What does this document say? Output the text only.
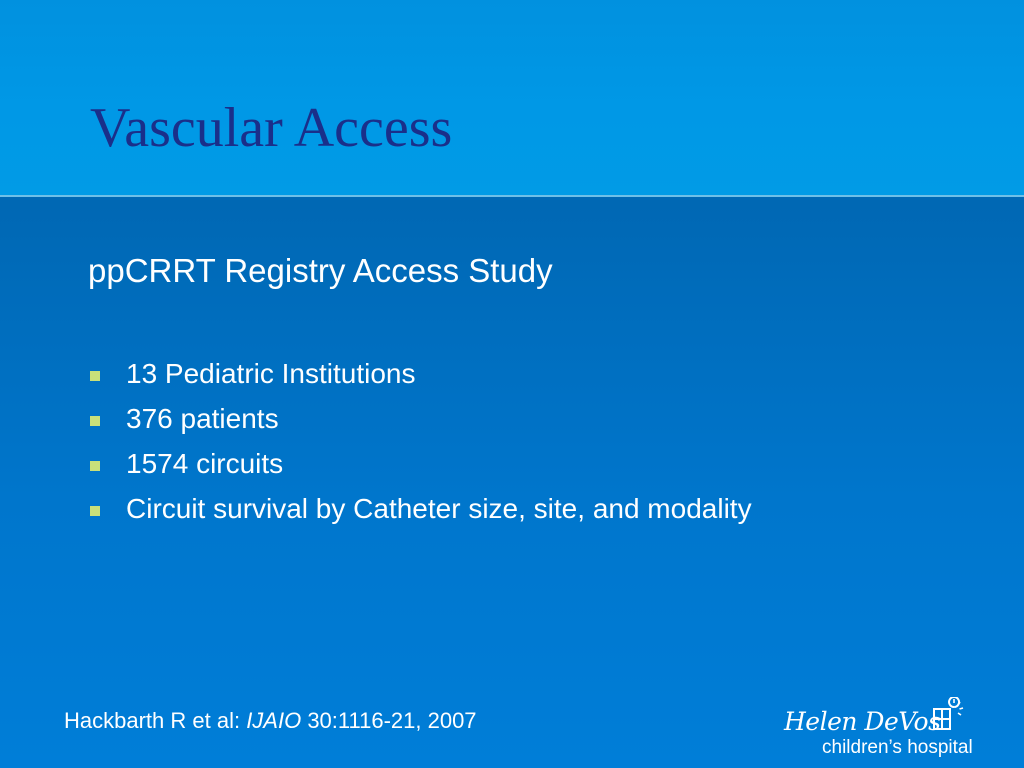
Vascular Access

ppCRRT Registry Access Study

13 Pediatric Institutions
376 patients
1574 circuits
Circuit survival by Catheter size, site, and modality

Hackbarth R et al: IJAIO 30:1116-21, 2007	Helen DeVos
children’s hospital
